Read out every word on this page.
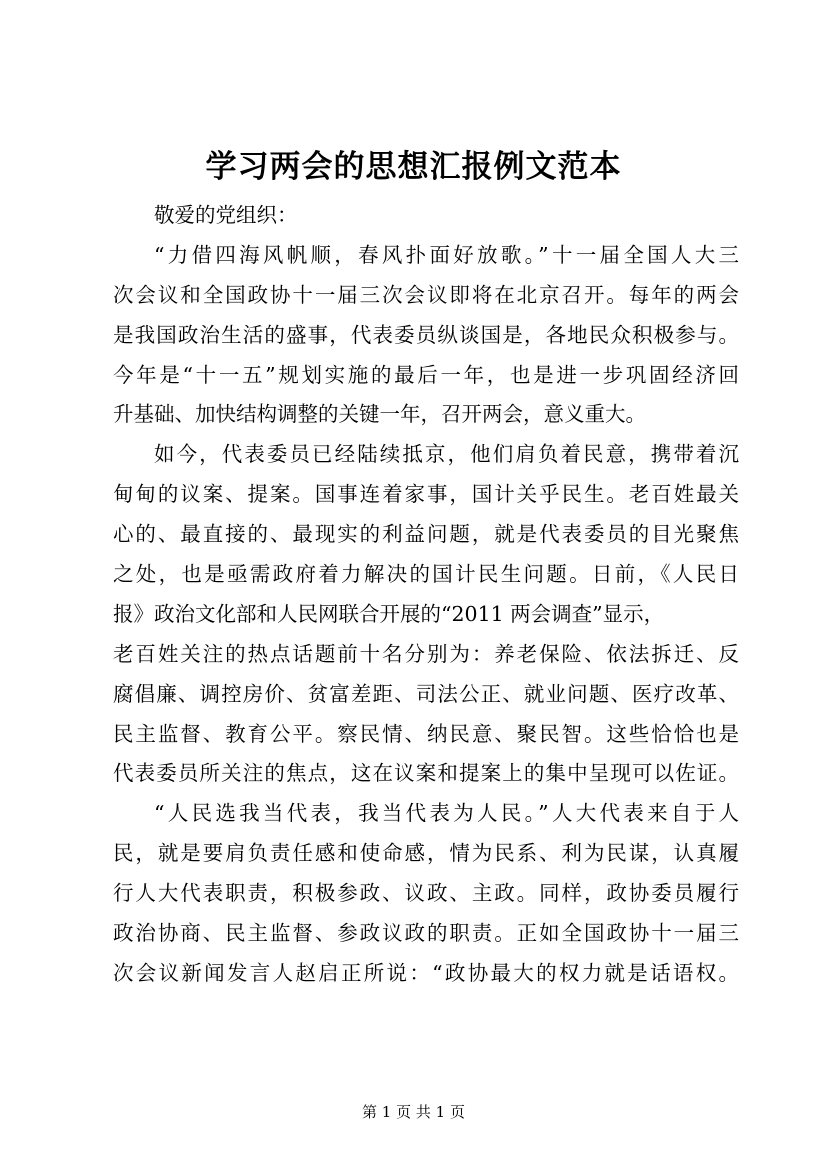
学习两会的思想汇报例文范本

敬爱的党组织：

“力借四海风帆顺，春风扑面好放歌。”十一届全国人大三

次会议和全国政协十一届三次会议即将在北京召开。每年的两会

是我国政治生活的盛事，代表委员纵谈国是，各地民众积极参与。

今年是“十一五”规划实施的最后一年，也是进一步巩固经济回

升基础、加快结构调整的关键一年，召开两会，意义重大。

如今，代表委员已经陆续抵京，他们肩负着民意，携带着沉

甸甸的议案、提案。国事连着家事，国计关乎民生。老百姓最关

心的、最直接的、最现实的利益问题，就是代表委员的目光聚焦

之处，也是亟需政府着力解决的国计民生问题。日前，《人民日

报》政治文化部和人民网联合开展的“2011 两会调查”显示，

老百姓关注的热点话题前十名分别为：养老保险、依法拆迁、反

腐倡廉、调控房价、贫富差距、司法公正、就业问题、医疗改革、

民主监督、教育公平。察民情、纳民意、聚民智。这些恰恰也是

代表委员所关注的焦点，这在议案和提案上的集中呈现可以佐证。

“人民选我当代表，我当代表为人民。”人大代表来自于人

民，就是要肩负责任感和使命感，情为民系、利为民谋，认真履

行人大代表职责，积极参政、议政、主政。同样，政协委员履行

政治协商、民主监督、参政议政的职责。正如全国政协十一届三

次会议新闻发言人赵启正所说：“政协最大的权力就是话语权。

第 1 页 共 1 页
